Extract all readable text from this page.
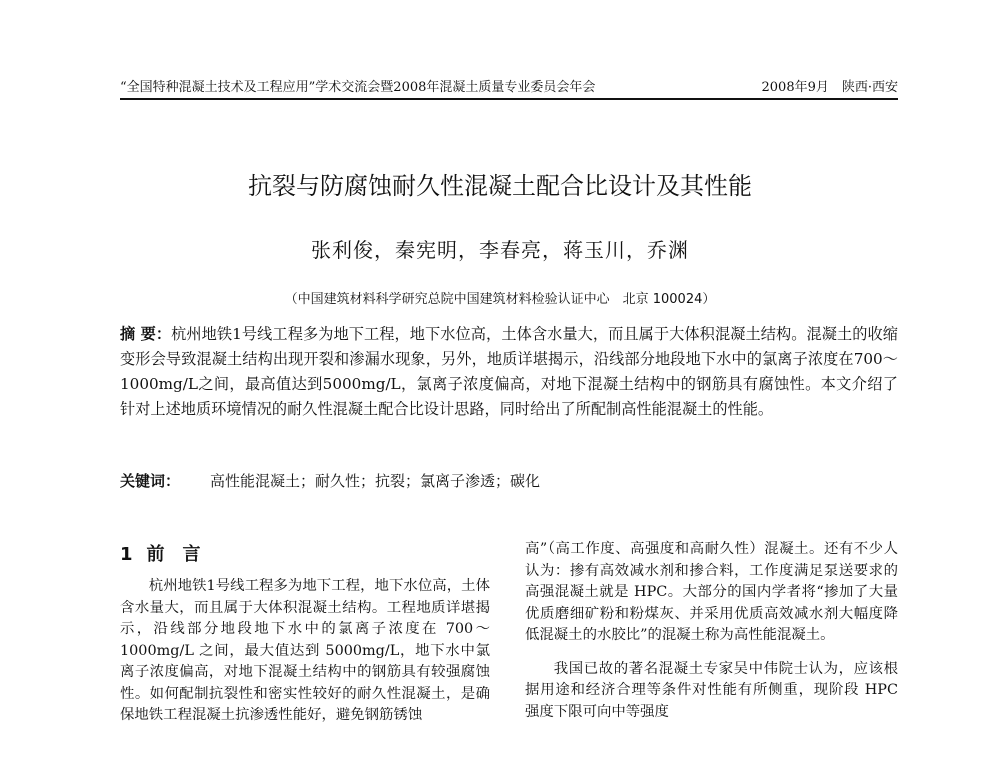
“全国特种混凝土技术及工程应用”学术交流会暨2008年混凝土质量专业委员会年会	2008年9月　陕西·西安
抗裂与防腐蚀耐久性混凝土配合比设计及其性能
张利俊，秦宪明，李春亮，蒋玉川，乔渊
（中国建筑材料科学研究总院中国建筑材料检验认证中心　北京 100024）
摘 要：杭州地铁1号线工程多为地下工程，地下水位高，土体含水量大，而且属于大体积混凝土结构。混凝土的收缩变形会导致混凝土结构出现开裂和渗漏水现象，另外，地质详堪揭示，沿线部分地段地下水中的氯离子浓度在700～1000mg/L之间，最高值达到5000mg/L，氯离子浓度偏高，对地下混凝土结构中的钢筋具有腐蚀性。本文介绍了针对上述地质环境情况的耐久性混凝土配合比设计思路，同时给出了所配制高性能混凝土的性能。
关键词： 高性能混凝土；耐久性；抗裂；氯离子渗透；碳化
1 前　言

杭州地铁1号线工程多为地下工程，地下水位高，土体含水量大，而且属于大体积混凝土结构。工程地质详堪揭示，沿线部分地段地下水中的氯离子浓度在 700～1000mg/L 之间，最大值达到 5000mg/L，地下水中氯离子浓度偏高，对地下混凝土结构中的钢筋具有较强腐蚀性。如何配制抗裂性和密实性较好的耐久性混凝土，是确保地铁工程混凝土抗渗透性能好，避免钢筋锈蚀

高”（高工作度、高强度和高耐久性）混凝土。还有不少人认为：掺有高效减水剂和掺合料，工作度满足泵送要求的高强混凝土就是 HPC。大部分的国内学者将“掺加了大量优质磨细矿粉和粉煤灰、并采用优质高效减水剂大幅度降低混凝土的水胶比”的混凝土称为高性能混凝土。

我国已故的著名混凝土专家吴中伟院士认为，应该根据用途和经济合理等条件对性能有所侧重，现阶段 HPC 强度下限可向中等强度
